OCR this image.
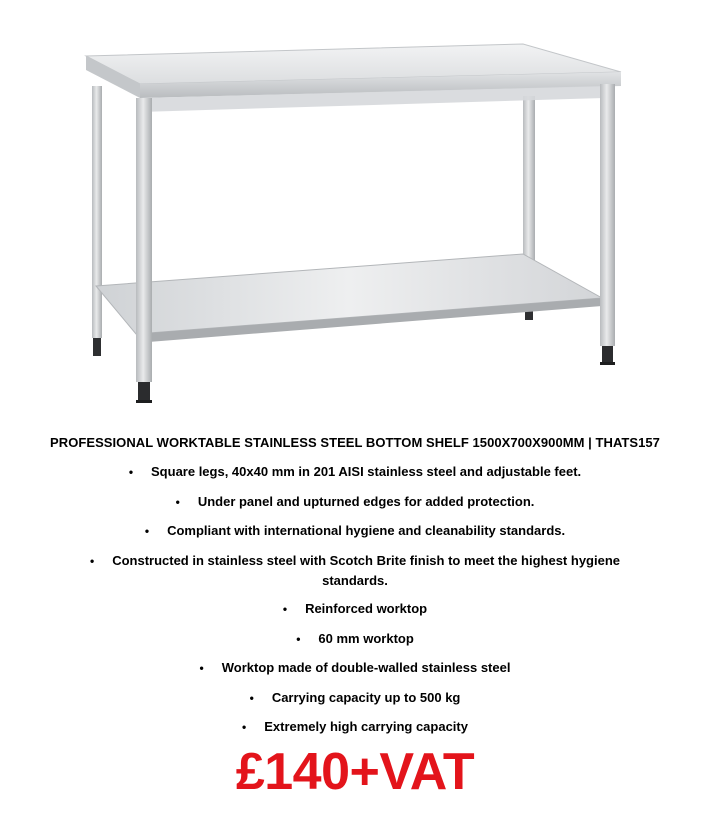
PROFESSIONAL WORKTABLE STAINLESS STEEL BOTTOM SHELF 1500X700X900MM | THATS157
• Square legs, 40x40 mm in 201 AISI stainless steel and adjustable feet.
• Under panel and upturned edges for added protection.
• Compliant with international hygiene and cleanability standards.
• Constructed in stainless steel with Scotch Brite finish to meet the highest hygiene standards.
• Reinforced worktop
• 60 mm worktop
• Worktop made of double-walled stainless steel
• Carrying capacity up to 500 kg
• Extremely high carrying capacity
£140+VAT
